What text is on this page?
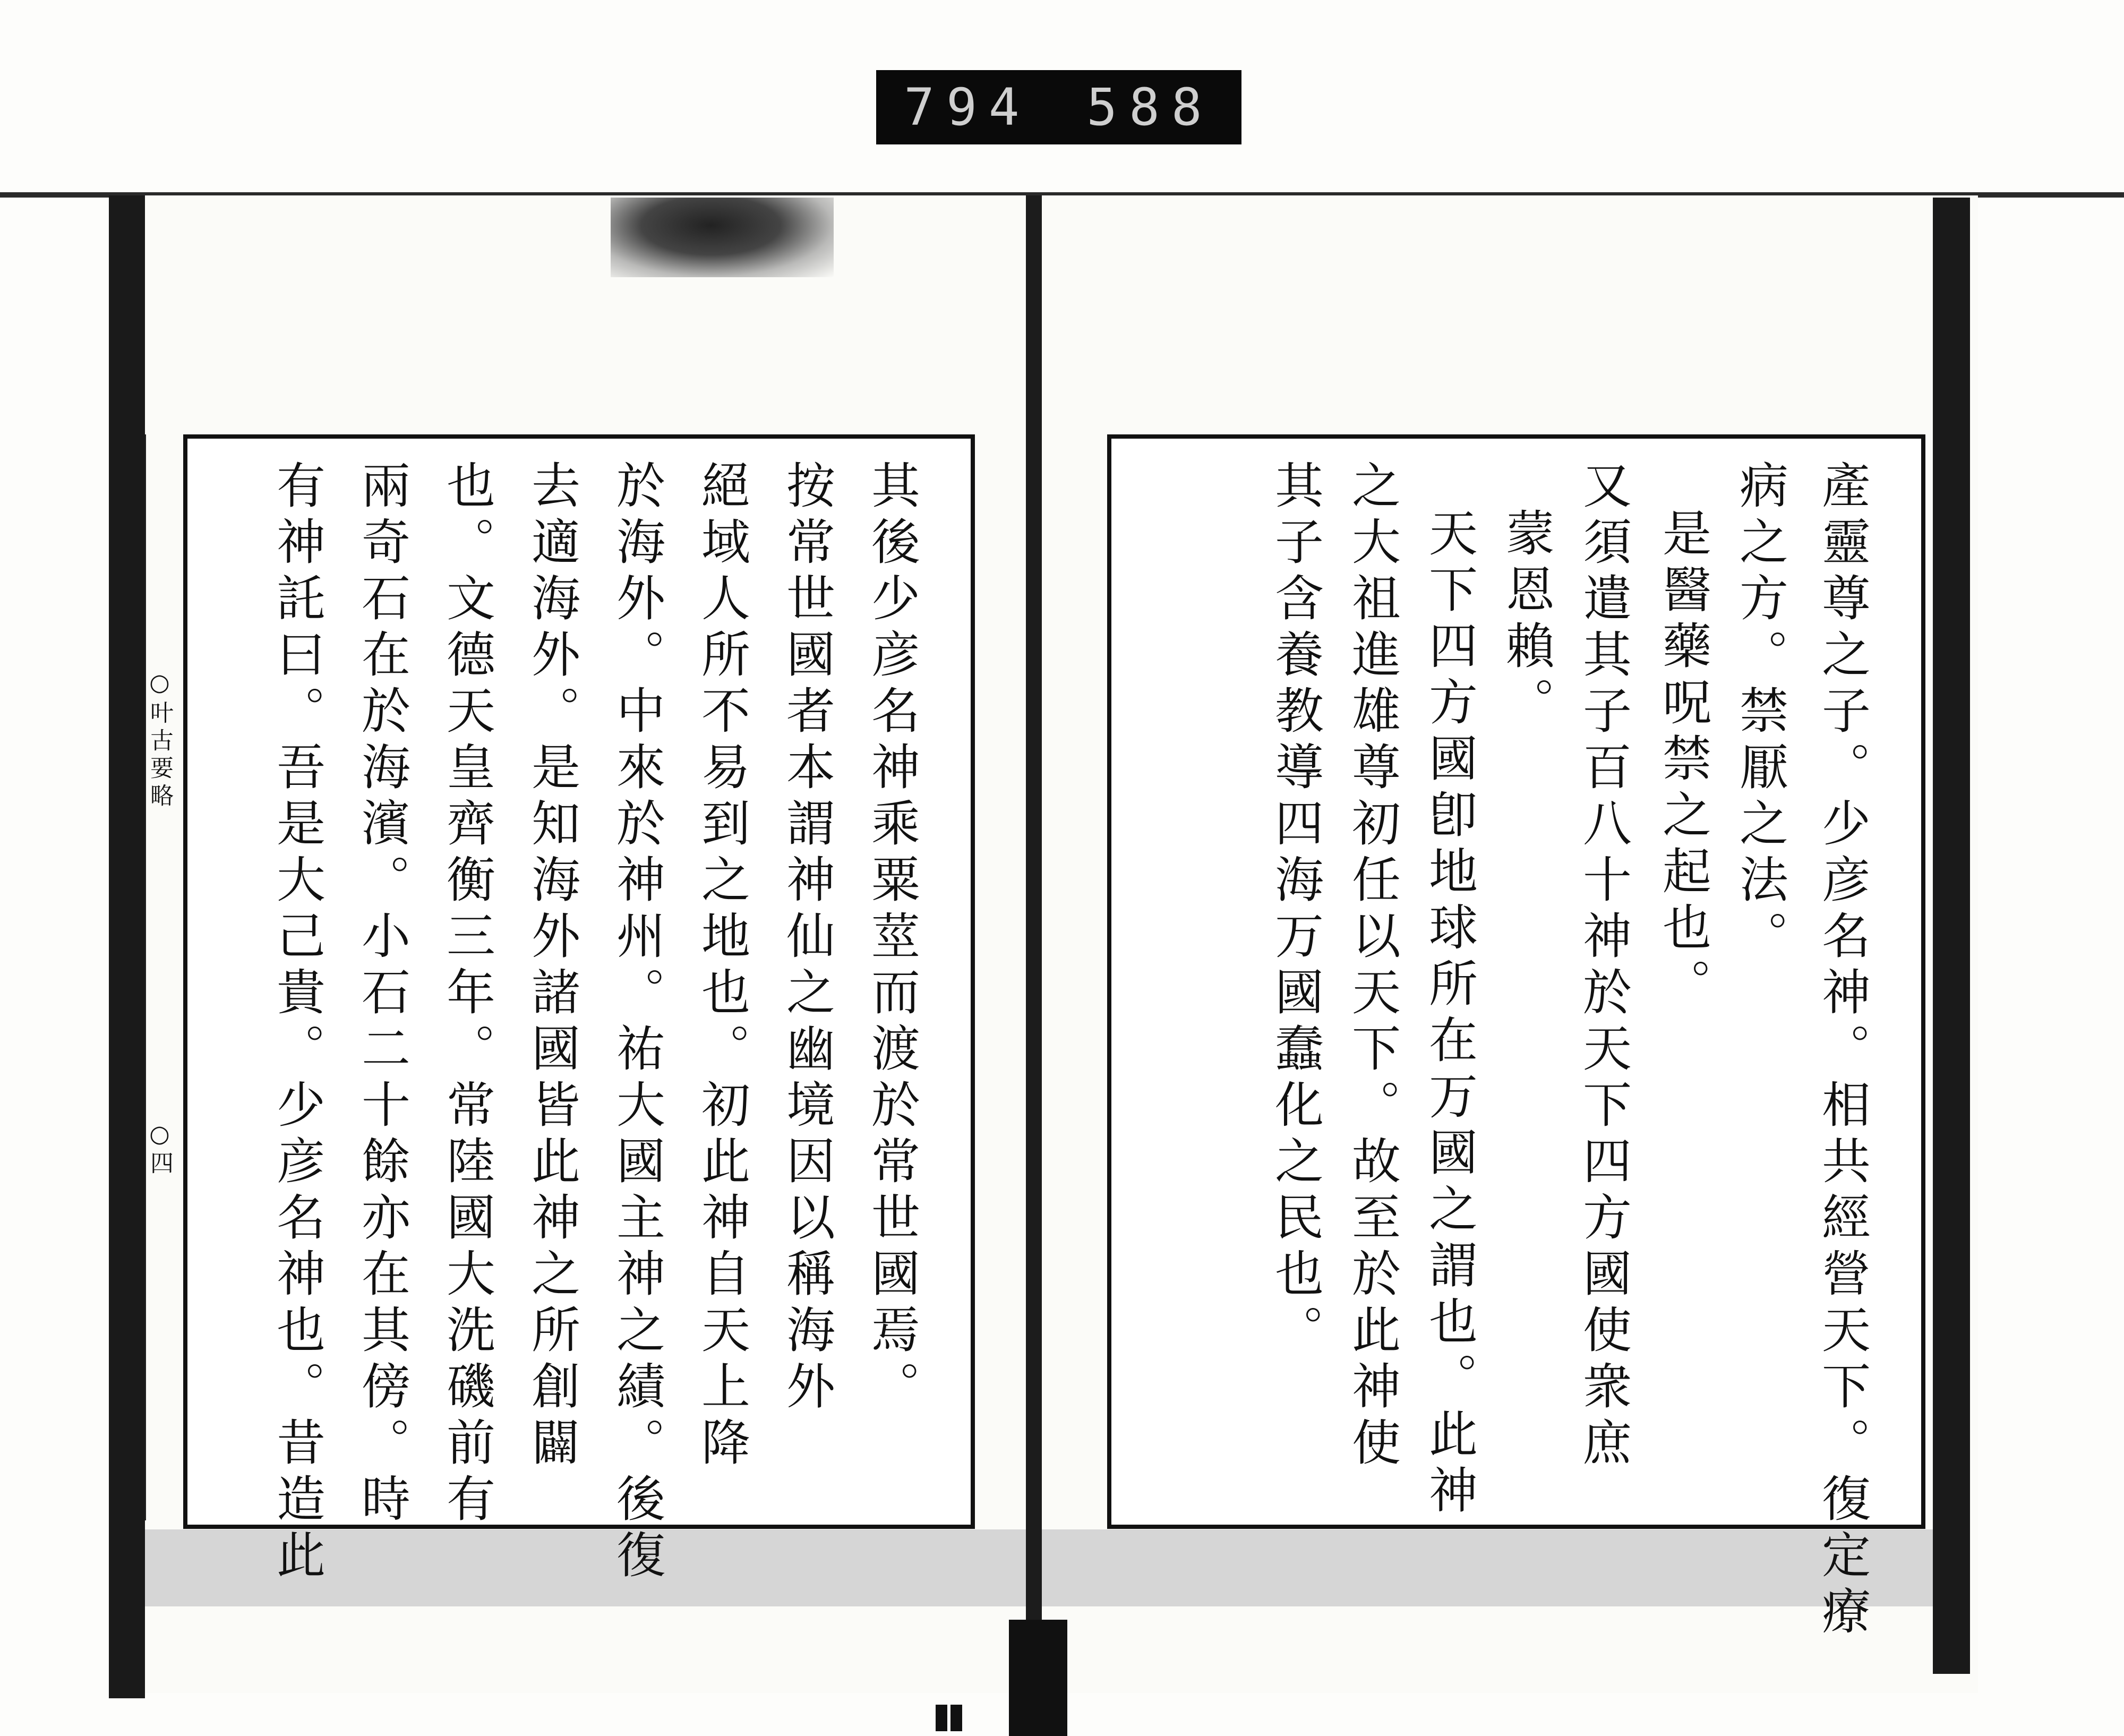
794 588
○叶古要略
○四	其後少彦名神乘粟莖而渡於常世國焉。
按常世國者本謂神仙之幽境因以稱海外
絕域人所不易到之地也。初此神自天上降
於海外。中來於神州。祐大國主神之績。後復
去適海外。是知海外諸國皆此神之所創闢
也。文德天皇齊衡三年。常陸國大洗磯前有
兩奇石在於海濱。小石二十餘亦在其傍。時
有神託曰。吾是大己貴。少彦名神也。昔造此	產靈尊之子。少彦名神。相共經營天下。復定療
病之方。禁厭之法。
是醫藥呪禁之起也。
又須遣其子百八十神於天下四方國使衆庶
蒙恩賴。
天下四方國卽地球所在万國之謂也。此神
之大祖進雄尊初任以天下。故至於此神使
其子含養教導四海万國蠢化之民也。
